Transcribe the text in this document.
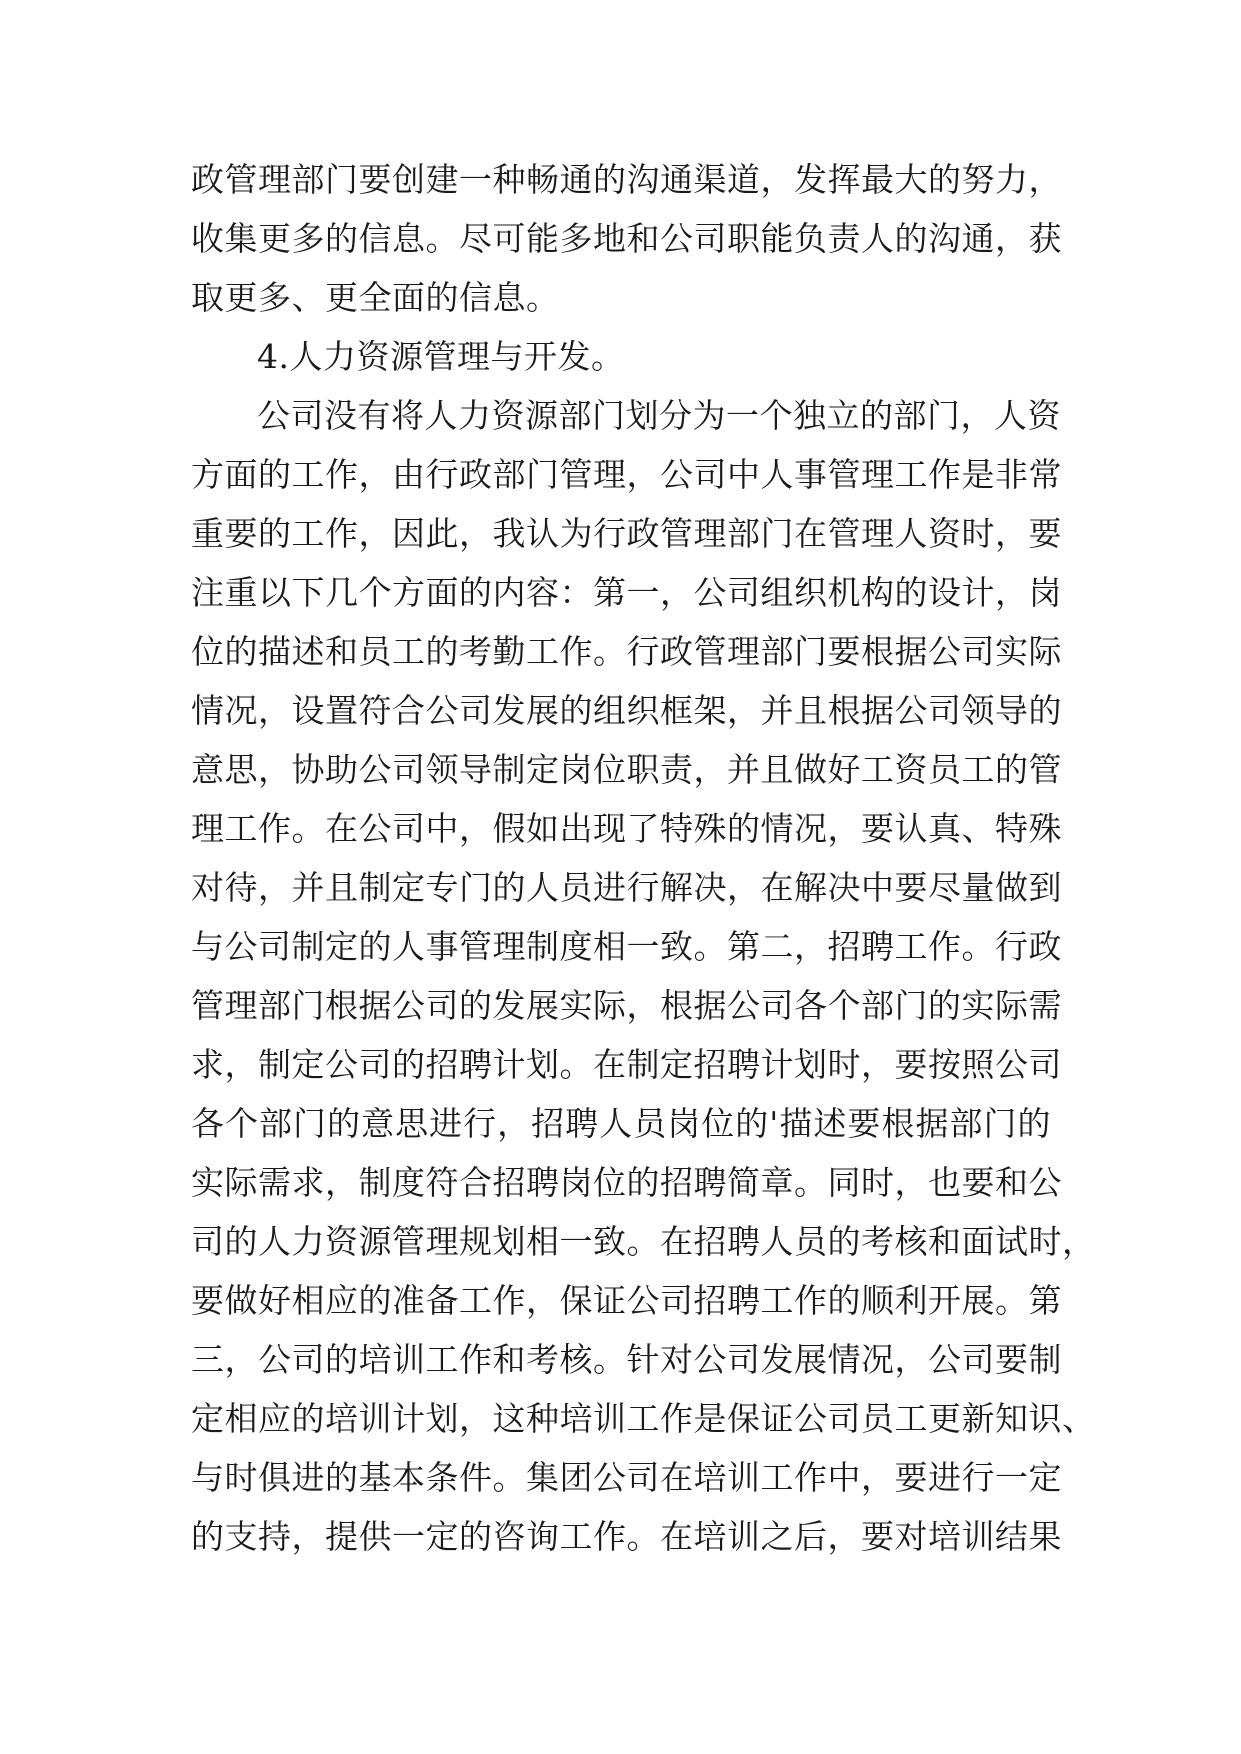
政管理部门要创建一种畅通的沟通渠道，发挥最大的努力，
收集更多的信息。尽可能多地和公司职能负责人的沟通，获
取更多、更全面的信息。
4.人力资源管理与开发。
公司没有将人力资源部门划分为一个独立的部门，人资
方面的工作，由行政部门管理，公司中人事管理工作是非常
重要的工作，因此，我认为行政管理部门在管理人资时，要
注重以下几个方面的内容：第一，公司组织机构的设计，岗
位的描述和员工的考勤工作。行政管理部门要根据公司实际
情况，设置符合公司发展的组织框架，并且根据公司领导的
意思，协助公司领导制定岗位职责，并且做好工资员工的管
理工作。在公司中，假如出现了特殊的情况，要认真、特殊
对待，并且制定专门的人员进行解决，在解决中要尽量做到
与公司制定的人事管理制度相一致。第二，招聘工作。行政
管理部门根据公司的发展实际，根据公司各个部门的实际需
求，制定公司的招聘计划。在制定招聘计划时，要按照公司
各个部门的意思进行，招聘人员岗位的'描述要根据部门的
实际需求，制度符合招聘岗位的招聘简章。同时，也要和公
司的人力资源管理规划相一致。在招聘人员的考核和面试时，
要做好相应的准备工作，保证公司招聘工作的顺利开展。第
三，公司的培训工作和考核。针对公司发展情况，公司要制
定相应的培训计划，这种培训工作是保证公司员工更新知识、
与时俱进的基本条件。集团公司在培训工作中，要进行一定
的支持，提供一定的咨询工作。在培训之后，要对培训结果
